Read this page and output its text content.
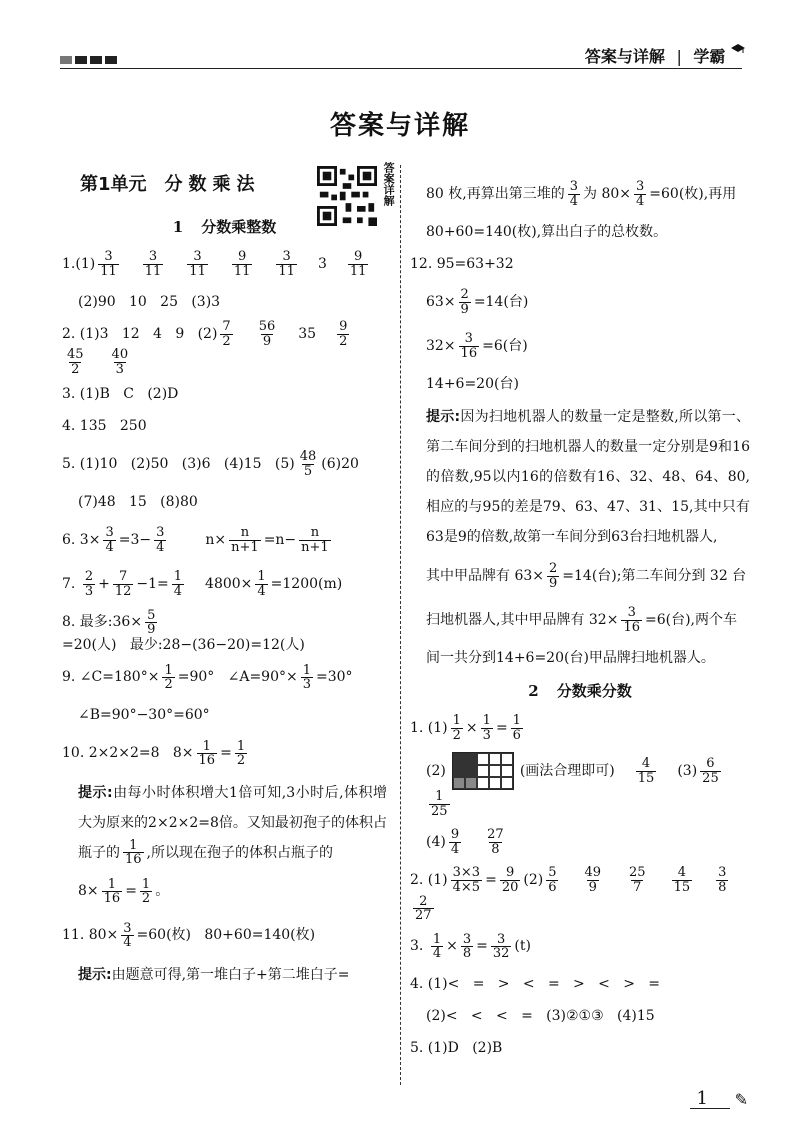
答案与详解 | 学霸
答案与详解
第1单元 分数乘法	答案详解
1 分数乘整数
1. $(1) \frac{3}{11} \frac{3}{11} \frac{3}{11} \frac{9}{11} \frac{3}{11} 3 \frac{9}{11}$
(2)90   10   25   (3)3
2. (1)3   12   4   9   $(2) \frac{7}{2} \frac{56}{9} 35 \frac{9}{2}$
$\frac{45}{2} \frac{40}{3}$
3. (1)B   C   (2)D
4. 135   250
5. (1)10   (2)50   (3)6   (4)15   $(5) \frac{48}{5} (6)20$
(7)48   15   (8)80
6. $3\times \frac{3}{4} =3- \frac{3}{4}$	$n\times \frac{n}{n+1} =n- \frac{n}{n+1}$
7. $\frac{2}{3} + \frac{7}{12} -1= \frac{1}{4} 4800\times \frac{1}{4} =1200(m)$
8. 最多:36× $\frac{5}{9}$
=20(人)   最少:28−(36−20)=12(人)
9. ∠C=180°× $\frac{1}{2} =90^\circ$   ∠A=90°× $\frac{1}{3} =30^\circ$
∠B=90°−30°=60°
10. 2×2×2=8   $8\times \frac{1}{16} = \frac{1}{2}$
提示:由每小时体积增大1倍可知,3小时后,体积增大为原来的2×2×2=8倍。又知最初孢子的体积占瓶子的 $\frac{1}{16}$ ,所以现在孢子的体积占瓶子的
$8\times \frac{1}{16} = \frac{1}{2}$ 。
11. $80\times \frac{3}{4} =60$(枚)   80+60=140(枚)
提示:由题意可得,第一堆白子+第二堆白子=
80 枚,再算出第三堆的 $\frac{3}{4}$ 为 $80\times \frac{3}{4} =60$(枚),再用
80+60=140(枚),算出白子的总枚数。
12. 95=63+32
$63\times \frac{2}{9} =14$(台)
$32\times \frac{3}{16} =6$(台)
14+6=20(台)
提示:因为扫地机器人的数量一定是整数,所以第一、第二车间分到的扫地机器人的数量一定分别是9和16的倍数,95以内16的倍数有16、32、48、64、80,相应的与95的差是79、63、47、31、15,其中只有63是9的倍数,故第一车间分到63台扫地机器人,
其中甲品牌有 $63\times \frac{2}{9} =14$(台);第二车间分到 32 台
扫地机器人,其中甲品牌有 $32\times \frac{3}{16} =6$(台),两个车
间一共分到14+6=20(台)甲品牌扫地机器人。
2 分数乘分数
1. $(1) \frac{1}{2} \times \frac{1}{3} = \frac{1}{6}$
(2)	(画法合理即可) $\frac{4}{15} (3) \frac{6}{25}$
$\frac{1}{25}$
$(4) \frac{9}{4} \frac{27}{8}$
2. $(1) \frac{3\times 3}{4\times 5} = \frac{9}{20} (2) \frac{5}{6} \frac{49}{9} \frac{25}{7} \frac{4}{15} \frac{3}{8}$
$\frac{2}{27}$
3. $\frac{1}{4} \times \frac{3}{8} = \frac{3}{32} (t)$
4. (1)<   =   >   <   =   >   <   >   =
(2)<   <   <   =   (3)②①③   (4)15
5. (1)D   (2)B
1 ✎
